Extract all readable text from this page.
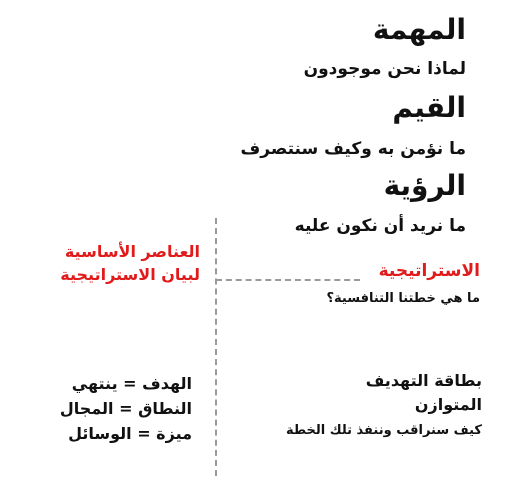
المهمة
لماذا نحن موجودون
القيم
ما نؤمن به وكيف سنتصرف
الرؤية
ما نريد أن نكون عليه
الاستراتيجية
ما هي خطتنا التنافسية؟
العناصر الأساسية
لبيان الاستراتيجية
بطاقة التهديف
المتوازن
كيف سنراقب وننفذ تلك الخطة
الهدف = ينتهي
النطاق = المجال
ميزة = الوسائل
